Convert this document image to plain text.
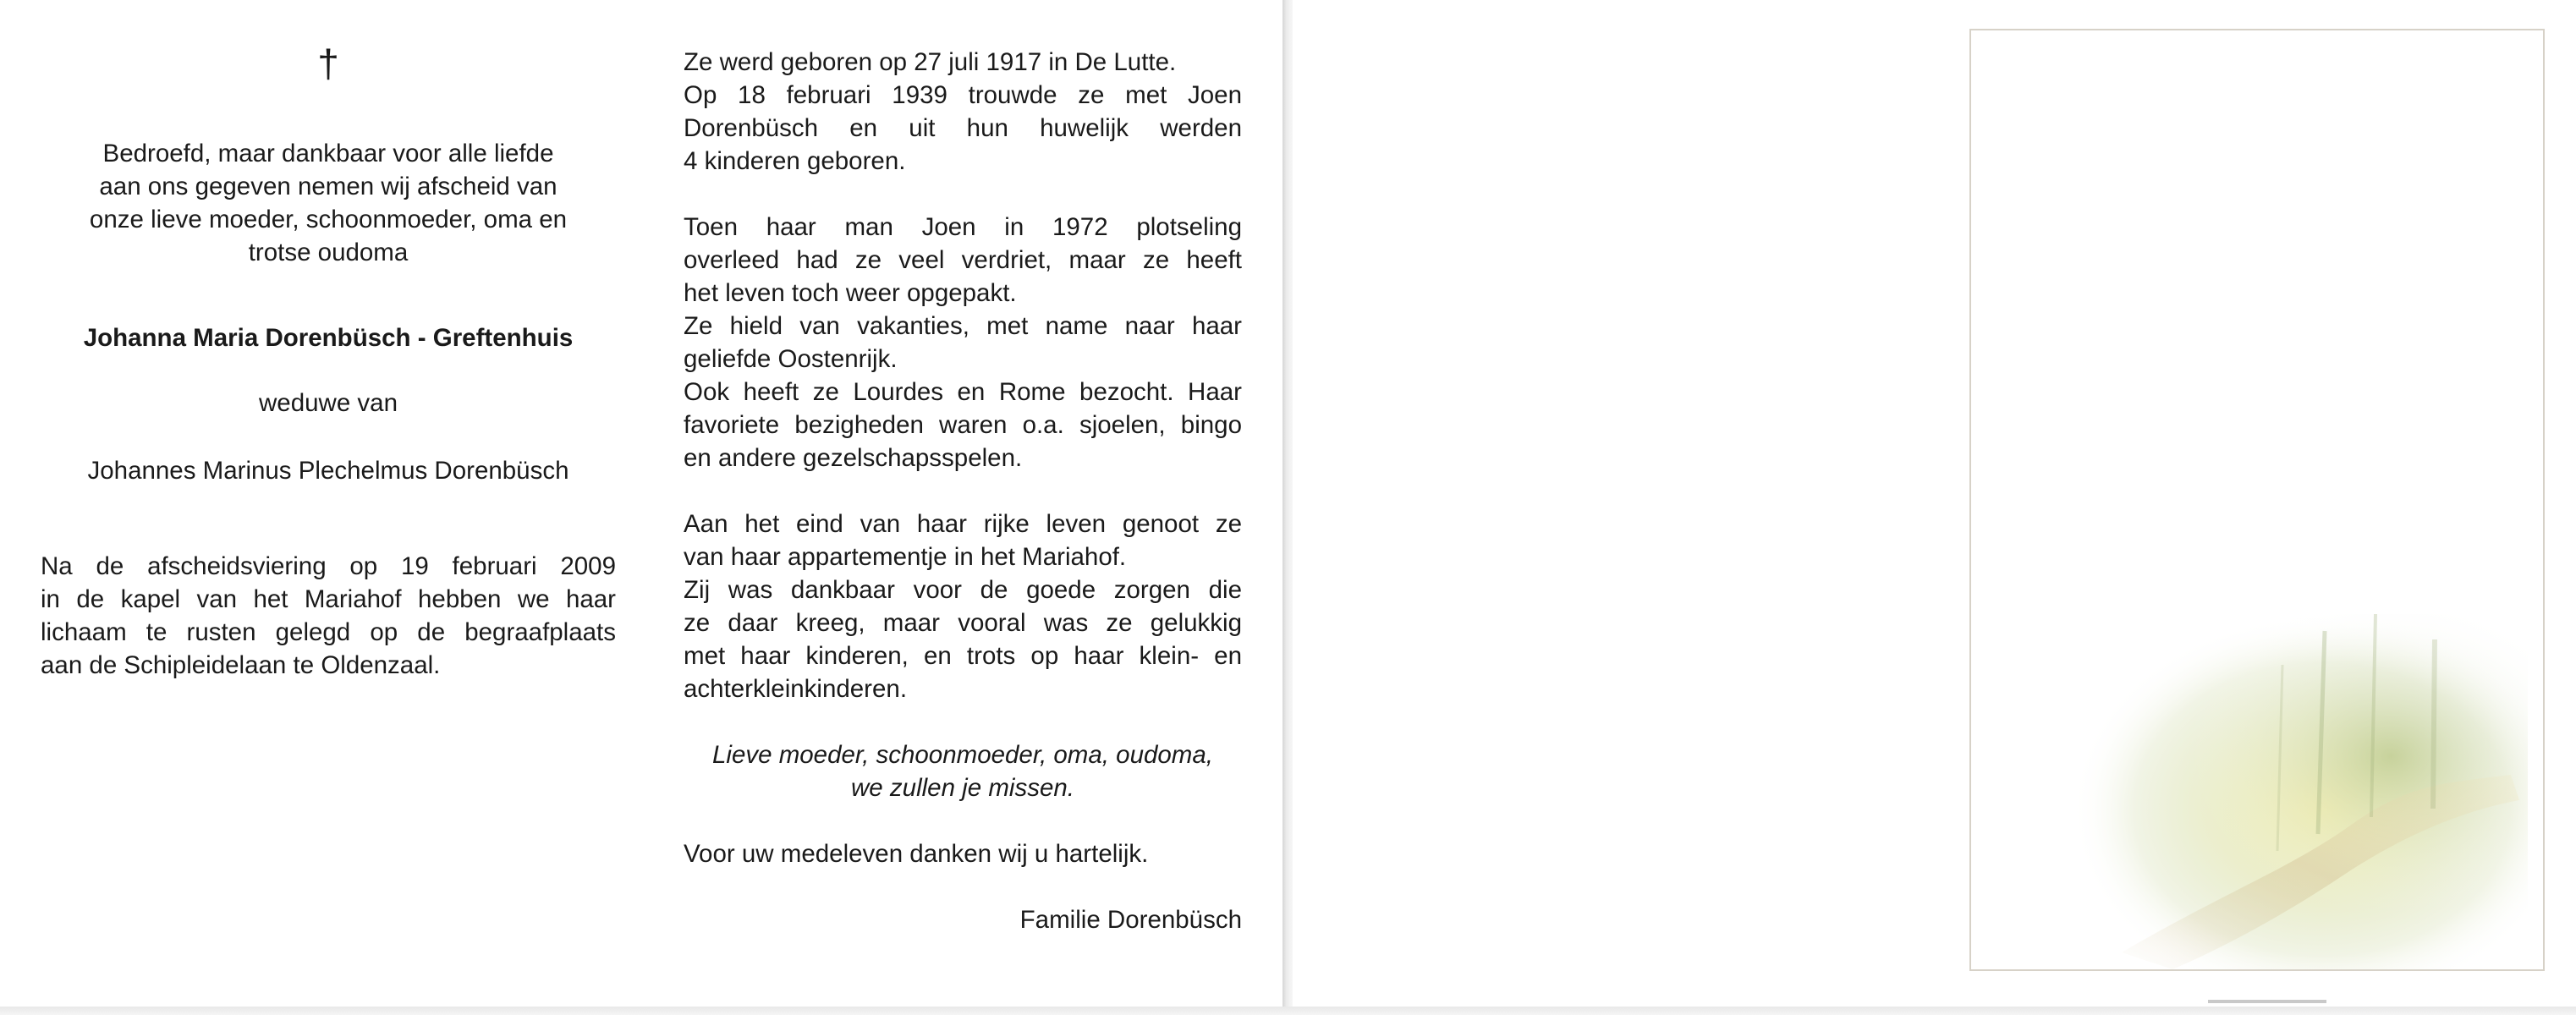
†
Bedroefd, maar dankbaar voor alle liefde
aan ons gegeven nemen wij afscheid van
onze lieve moeder, schoonmoeder, oma en
trotse oudoma
Johanna Maria Dorenbüsch - Greftenhuis
weduwe van
Johannes Marinus Plechelmus Dorenbüsch
Na de afscheidsviering op 19 februari 2009
in de kapel van het Mariahof hebben we haar
lichaam te rusten gelegd op de begraafplaats
aan de Schipleidelaan te Oldenzaal.
Ze werd geboren op 27 juli 1917 in De Lutte.
Op 18 februari 1939 trouwde ze met Joen
Dorenbüsch en uit hun huwelijk werden
4 kinderen geboren.
Toen haar man Joen in 1972 plotseling
overleed had ze veel verdriet, maar ze heeft
het leven toch weer opgepakt.
Ze hield van vakanties, met name naar haar
geliefde Oostenrijk.
Ook heeft ze Lourdes en Rome bezocht. Haar
favoriete bezigheden waren o.a. sjoelen, bingo
en andere gezelschapsspelen.
Aan het eind van haar rijke leven genoot ze
van haar appartementje in het Mariahof.
Zij was dankbaar voor de goede zorgen die
ze daar kreeg, maar vooral was ze gelukkig
met haar kinderen, en trots op haar klein- en
achterkleinkinderen.
Lieve moeder, schoonmoeder, oma, oudoma,
we zullen je missen.
Voor uw medeleven danken wij u hartelijk.
Familie Dorenbüsch
